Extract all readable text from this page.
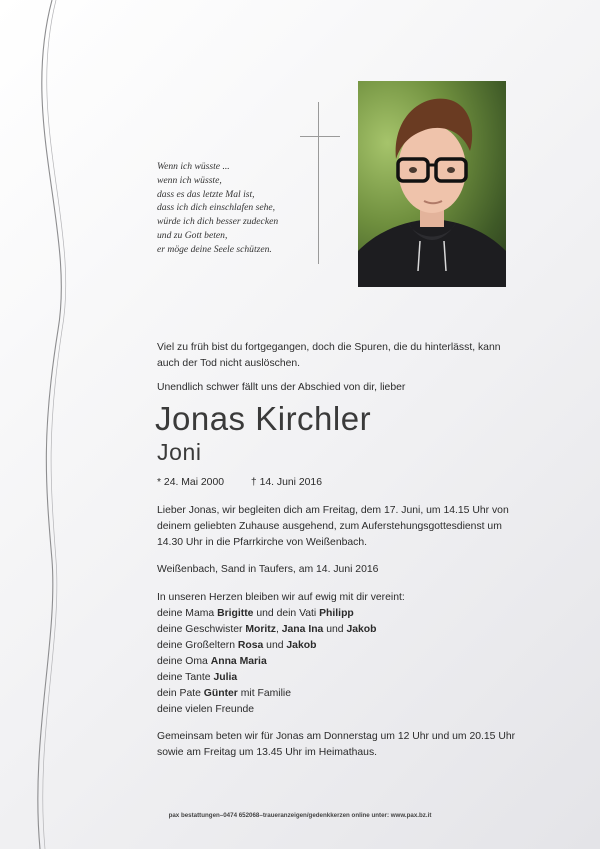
Wenn ich wüsste ...
wenn ich wüsste,
dass es das letzte Mal ist,
dass ich dich einschlafen sehe,
würde ich dich besser zudecken
und zu Gott beten,
er möge deine Seele schützen.
Viel zu früh bist du fortgegangen, doch die Spuren, die du hinterlässt, kann auch der Tod nicht auslöschen.
Unendlich schwer fällt uns der Abschied von dir, lieber
Jonas Kirchler
Joni
* 24. Mai 2000	† 14. Juni 2016
Lieber Jonas, wir begleiten dich am Freitag, dem 17. Juni, um 14.15 Uhr von deinem geliebten Zuhause ausgehend, zum Auferstehungsgottesdienst um 14.30 Uhr in die Pfarrkirche von Weißenbach.
Weißenbach, Sand in Taufers, am 14. Juni 2016
In unseren Herzen bleiben wir auf ewig mit dir vereint:
deine Mama Brigitte und dein Vati Philipp
deine Geschwister Moritz, Jana Ina und Jakob
deine Großeltern Rosa und Jakob
deine Oma Anna Maria
deine Tante Julia
dein Pate Günter mit Familie
deine vielen Freunde
Gemeinsam beten wir für Jonas am Donnerstag um 12 Uhr und um 20.15 Uhr sowie am Freitag um 13.45 Uhr im Heimathaus.
pax bestattungen–0474 652068–traueranzeigen/gedenkkerzen online unter: www.pax.bz.it
